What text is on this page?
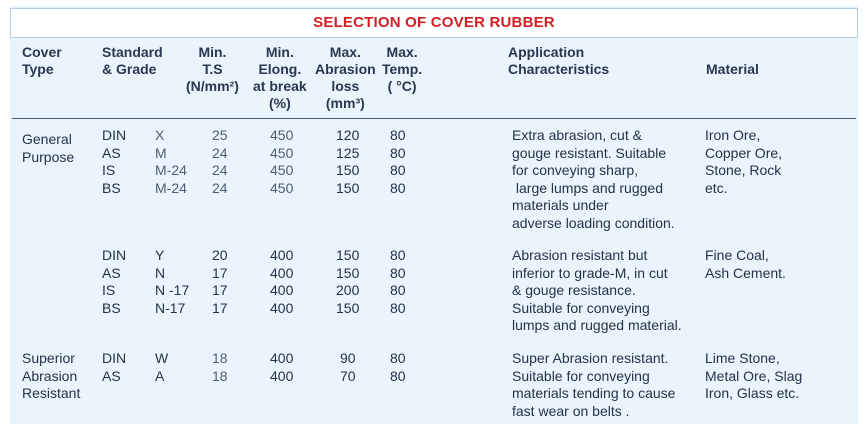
SELECTION OF COVER RUBBER
Cover
Type
Standard
& Grade
Min.
T.S
(N/mm²)
Min.
Elong.
at break
(%)
Max.
Abrasion
loss
(mm³)
Max.
Temp.
( °C)
Application
Characteristics	Material
General
Purpose
DIN
AS
IS
BS
X
M
M-24
M-24
25
24
24
24
450
450
450
450
120
125
150
150
80
80
80
80
Extra abrasion, cut &
gouge resistant. Suitable
for conveying sharp,
large lumps and rugged
materials under
adverse loading condition.
Iron Ore,
Copper Ore,
Stone, Rock
etc.
DIN
AS
IS
BS
Y
N
N -17
N-17
20
17
17
17
400
400
400
400
150
150
200
150
80
80
80
80
Abrasion resistant but
inferior to grade-M, in cut
& gouge resistance.
Suitable for conveying
lumps and rugged material.
Fine Coal,
Ash Cement.
Superior
Abrasion
Resistant
DIN
AS
W
A
18
18
400
400
90
70
80
80
Super Abrasion resistant.
Suitable for conveying
materials tending to cause
fast wear on belts .
Lime Stone,
Metal Ore, Slag
Iron, Glass etc.
